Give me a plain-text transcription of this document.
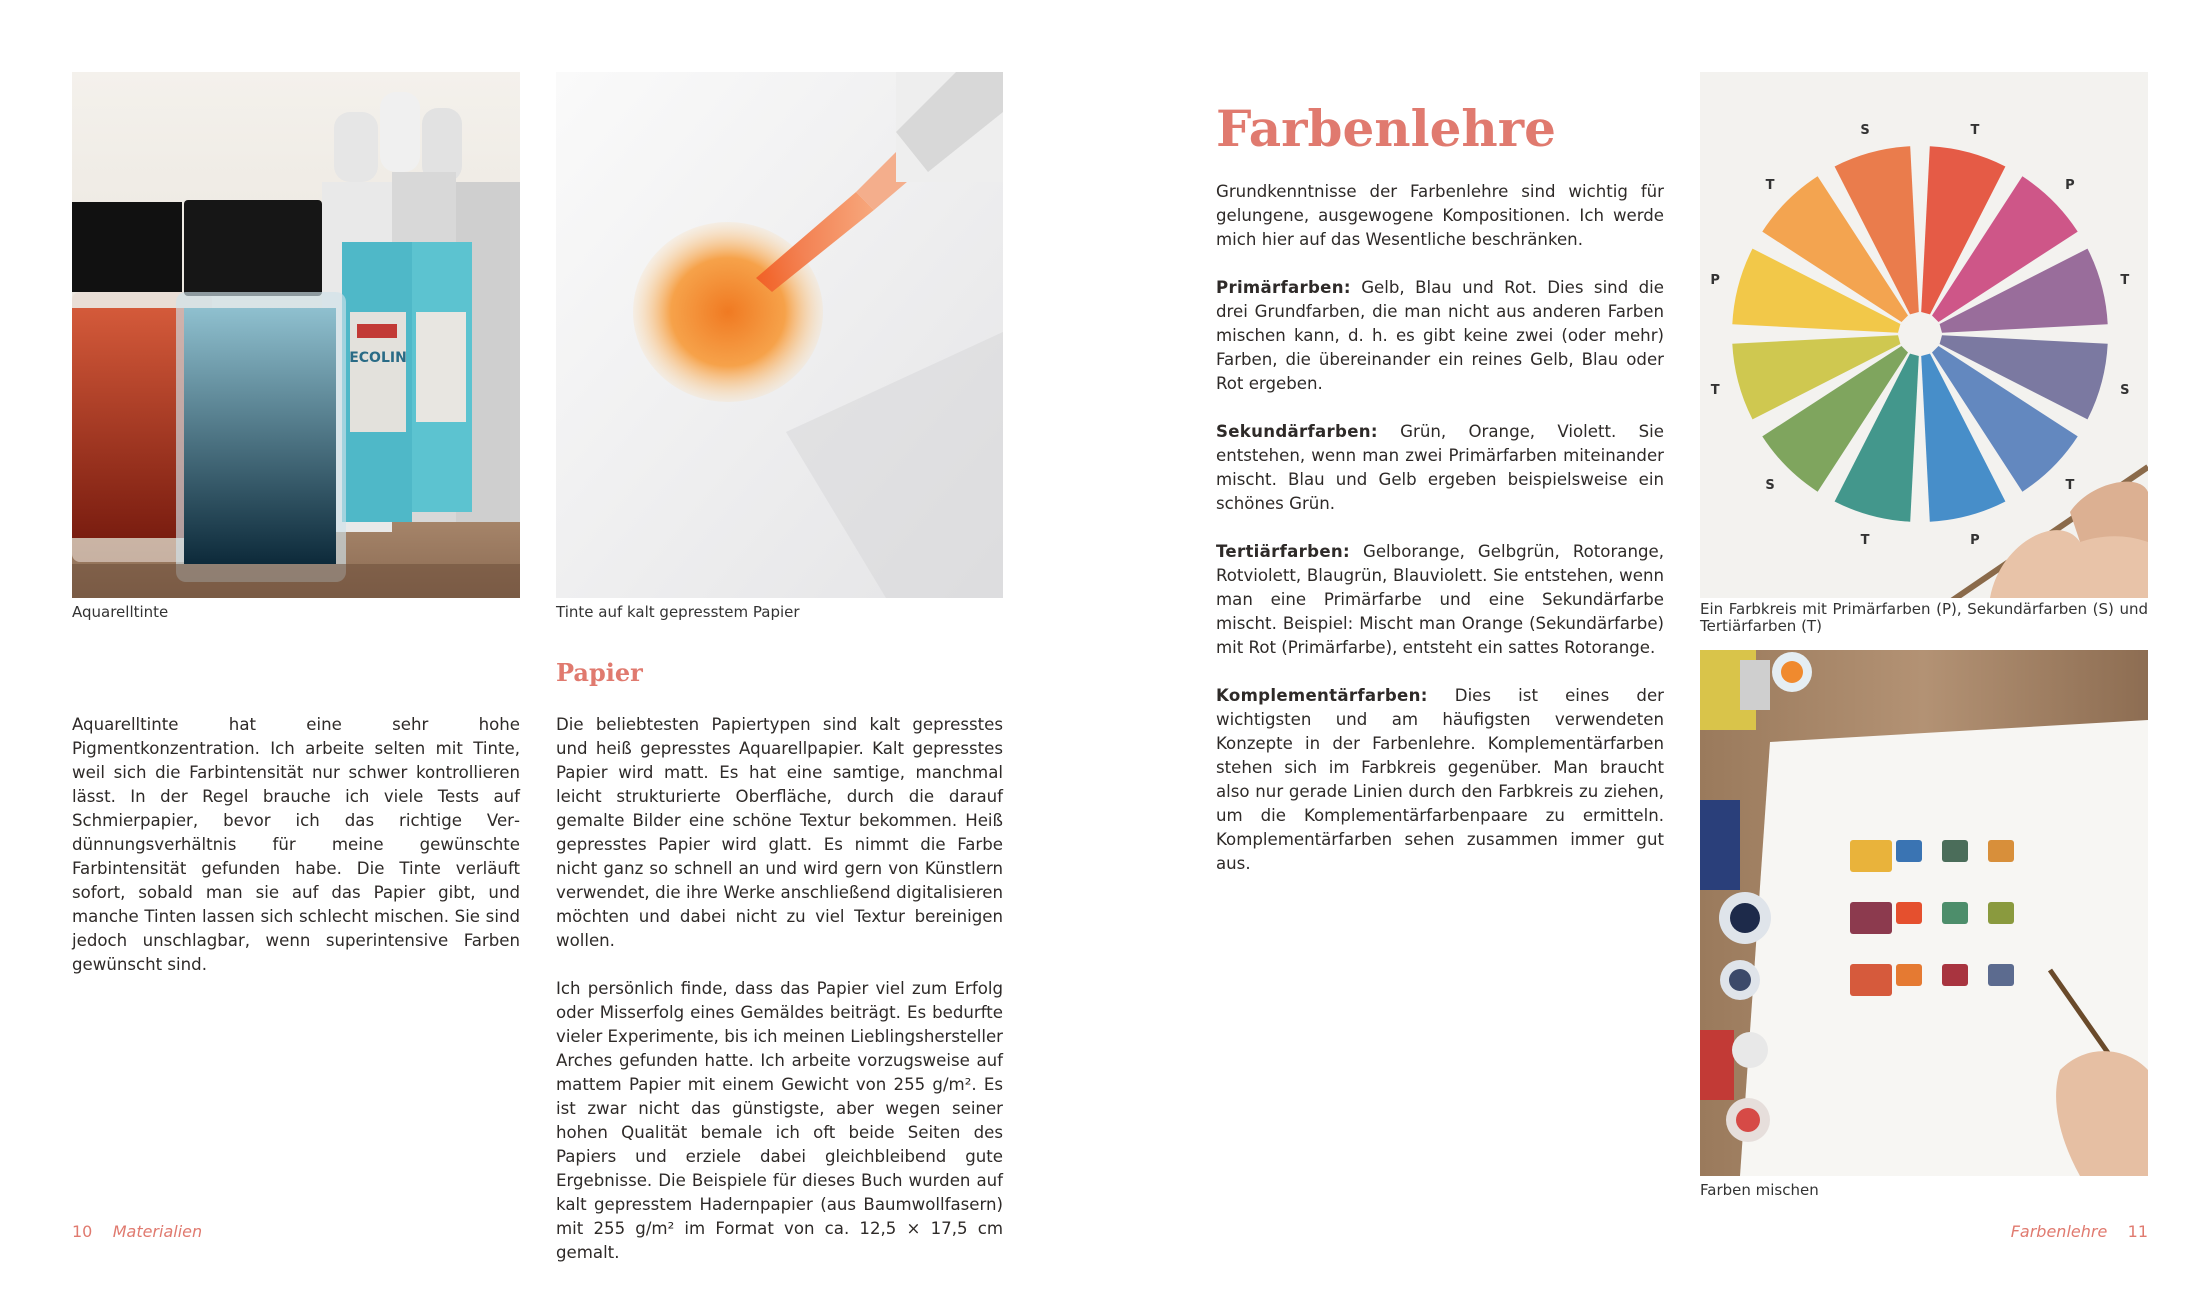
ECOLIN
Aquarelltinte	Tinte auf kalt gepresstem Papier

Aquarelltinte hat eine sehr hohe Pigmentkonzentration. Ich arbeite selten mit Tinte, weil sich die Farbintensität nur schwer kontrollieren lässt. In der Regel brauche ich viele Tests auf Schmierpapier, bevor ich das richtige Verdünnungsverhältnis für meine gewünschte Farbintensität gefunden habe. Die Tinte verläuft sofort, sobald man sie auf das Papier gibt, und manche Tinten lassen sich schlecht mischen. Sie sind jedoch unschlagbar, wenn superintensive Farben gewünscht sind.

Papier

Die beliebtesten Papiertypen sind kalt gepresstes und heiß gepresstes Aquarellpapier. Kalt gepresstes Papier wird matt. Es hat eine samtige, manchmal leicht strukturierte Oberfläche, durch die darauf gemalte Bilder eine schöne Textur bekommen. Heiß gepresstes Papier wird glatt. Es nimmt die Farbe nicht ganz so schnell an und wird gern von Künstlern verwendet, die ihre Werke anschließend digitalisieren möchten und dabei nicht zu viel Textur bereinigen wollen.

Ich persönlich finde, dass das Papier viel zum Erfolg oder Misserfolg eines Gemäldes beiträgt. Es bedurfte vieler Experimente, bis ich meinen Lieblingshersteller Arches gefunden hatte. Ich arbeite vorzugsweise auf mattem Papier mit einem Gewicht von 255 g/m². Es ist zwar nicht das günstigste, aber wegen seiner hohen Qualität bemale ich oft beide Seiten des Papiers und erziele dabei gleichbleibend gute Ergebnisse. Die Beispiele für dieses Buch wurden auf kalt gepresstem Hadernpapier (aus Baumwollfasern) mit 255 g/m² im Format von ca. 12,5 × 17,5 cm gemalt.

10 Materialien
Farbenlehre

Grundkenntnisse der Farbenlehre sind wichtig für gelungene, ausgewogene Kompositionen. Ich werde mich hier auf das Wesentliche beschränken.

Primärfarben: Gelb, Blau und Rot. Dies sind die drei Grundfarben, die man nicht aus anderen Farben mischen kann, d. h. es gibt keine zwei (oder mehr) Farben, die übereinander ein reines Gelb, Blau oder Rot ergeben.

Sekundärfarben: Grün, Orange, Violett. Sie entstehen, wenn man zwei Primärfarben miteinander mischt. Blau und Gelb ergeben beispielsweise ein schönes Grün.

Tertiärfarben: Gelborange, Gelbgrün, Rotorange, Rotviolett, Blaugrün, Blauviolett. Sie entstehen, wenn man eine Primärfarbe und eine Sekundärfarbe mischt. Beispiel: Mischt man Orange (Sekundärfarbe) mit Rot (Primärfarbe), entsteht ein sattes Rotorange.

Komplementärfarben: Dies ist eines der wichtigsten und am häufigsten verwendeten Konzepte in der Farbenlehre. Komplementärfarben stehen sich im Farbkreis gegenüber. Man braucht also nur gerade Linien durch den Farbkreis zu ziehen, um die Komplementärfarbenpaare zu ermitteln. Komplementärfarben sehen zusammen immer gut aus.

T
P
T
S
T
P
T
S
T
P
T
S
Ein Farbkreis mit Primärfarben (P), Sekundärfarben (S) und Tertiärfarben (T)
Farben mischen
Farbenlehre 11
